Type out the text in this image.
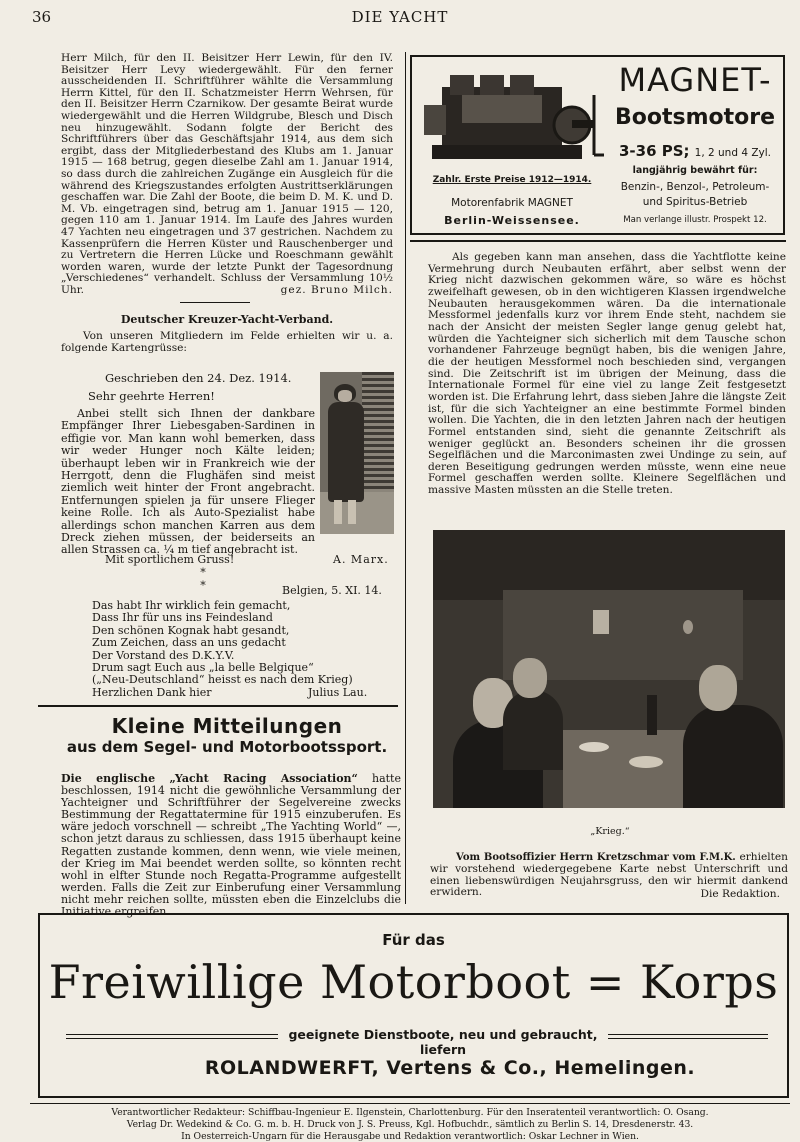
36	DIE YACHT

Herr Milch, für den II. Beisitzer Herr Lewin, für den IV. Beisitzer Herr Levy wiedergewählt. Für den ferner ausscheidenden II. Schriftführer wählte die Versammlung Herrn Kittel, für den II. Schatzmeister Herrn Wehrsen, für den II. Beisitzer Herrn Czarnikow. Der gesamte Beirat wurde wiedergewählt und die Herren Wildgrube, Blesch und Disch neu hinzugewählt. Sodann folgte der Bericht des Schriftführers über das Geschäftsjahr 1914, aus dem sich ergibt, dass der Mitgliederbestand des Klubs am 1. Januar 1915 — 168 betrug, gegen dieselbe Zahl am 1. Januar 1914, so dass durch die zahlreichen Zugänge ein Ausgleich für die während des Kriegszustandes erfolgten Austrittserklärungen geschaffen war. Die Zahl der Boote, die beim D. M. K. und D. M. Vb. eingetragen sind, betrug am 1. Januar 1915 — 120, gegen 110 am 1. Januar 1914. Im Laufe des Jahres wurden 47 Yachten neu eingetragen und 37 gestrichen. Nachdem zu Kassenprüfern die Herren Küster und Rauschenberger und zu Vertretern die Herren Lücke und Roeschmann gewählt worden waren, wurde der letzte Punkt der Tagesordnung „Verschiedenes“ verhandelt. Schluss der Versammlung 10½ Uhr.	gez. Bruno Milch.

Deutscher Kreuzer-Yacht-Verband.
Von unseren Mitgliedern im Felde erhielten wir u. a. folgende Kartengrüsse:
Geschrieben den 24. Dez. 1914.
Sehr geehrte Herren!
Anbei stellt sich Ihnen der dankbare Empfänger Ihrer Liebesgaben-Sardinen in effigie vor. Man kann wohl bemerken, dass wir weder Hunger noch Kälte leiden; überhaupt leben wir in Frankreich wie der Herrgott, denn die Flughäfen sind meist ziemlich weit hinter der Front angebracht. Entfernungen spielen ja für unsere Flieger keine Rolle. Ich als Auto-Spezialist habe allerdings schon manchen Karren aus dem Dreck ziehen müssen, der beiderseits an allen Strassen ca. ¼ m tief angebracht ist.
Mit sportlichem Gruss!	A. Marx.
* *	Belgien, 5. XI. 14.
Das habt Ihr wirklich fein gemacht,
Dass Ihr für uns ins Feindesland
Den schönen Kognak habt gesandt,
Zum Zeichen, dass an uns gedacht
Der Vorstand des D.K.Y.V.
Drum sagt Euch aus „la belle Belgique“
(„Neu-Deutschland“ heisst es nach dem Krieg)
Herzlichen Dank hier	Julius Lau.
Kleine Mitteilungen
aus dem Segel- und Motorbootssport.
Die englische „Yacht Racing Association“ hatte beschlossen, 1914 nicht die gewöhnliche Versammlung der Yachteigner und Schriftführer der Segelvereine zwecks Bestimmung der Regattatermine für 1915 einzuberufen. Es wäre jedoch vorschnell — schreibt „The Yachting World“ —, schon jetzt daraus zu schliessen, dass 1915 überhaupt keine Regatten zustande kommen, denn wenn, wie viele meinen, der Krieg im Mai beendet werden sollte, so könnten recht wohl in elfter Stunde noch Regatta-Programme aufgestellt werden. Falls die Zeit zur Einberufung einer Versammlung nicht mehr reichen sollte, müssten eben die Einzelclubs die Initiative ergreifen.
Zahlr. Erste Preise 1912—1914.
Motorenfabrik MAGNET
Berlin-Weissensee.
MAGNET-
Bootsmotore
3-36 PS; 1, 2 und 4 Zyl.
langjährig bewährt für:
Benzin-, Benzol-, Petroleum-
und Spiritus-Betrieb
Man verlange illustr. Prospekt 12.
Als gegeben kann man ansehen, dass die Yachtflotte keine Vermehrung durch Neubauten erfährt, aber selbst wenn der Krieg nicht dazwischen gekommen wäre, so wäre es höchst zweifelhaft gewesen, ob in den wichtigeren Klassen irgendwelche Neubauten herausgekommen wären. Da die internationale Messformel jedenfalls kurz vor ihrem Ende steht, nachdem sie nach der Ansicht der meisten Segler lange genug gelebt hat, würden die Yachteigner sich sicherlich mit dem Tausche schon vorhandener Fahrzeuge begnügt haben, bis die wenigen Jahre, die der heutigen Messformel noch beschieden sind, vergangen sind. Die Zeitschrift ist im übrigen der Meinung, dass die Internationale Formel für eine viel zu lange Zeit festgesetzt worden ist. Die Erfahrung lehrt, dass sieben Jahre die längste Zeit ist, für die sich Yachteigner an eine bestimmte Formel binden wollen. Die Yachten, die in den letzten Jahren nach der heutigen Formel entstanden sind, sieht die genannte Zeitschrift als weniger geglückt an. Besonders scheinen ihr die grossen Segelflächen und die Marconimasten zwei Undinge zu sein, auf deren Beseitigung gedrungen werden müsste, wenn eine neue Formel geschaffen werden sollte. Kleinere Segelflächen und massive Masten müssten an die Stelle treten.
„Krieg.“
Vom Bootsoffizier Herrn Kretzschmar vom F.M.K. erhielten wir vorstehend wiedergegebene Karte nebst Unterschrift und einen liebenswürdigen Neujahrsgruss, den wir hiermit dankend erwidern.	Die Redaktion.
Für das
Freiwillige Motorboot = Korps
geeignete Dienstboote, neu und gebraucht, liefern
ROLANDWERFT, Vertens & Co., Hemelingen.
Verantwortlicher Redakteur: Schiffbau-Ingenieur E. Ilgenstein, Charlottenburg. Für den Inseratenteil verantwortlich: O. Osang.
Verlag Dr. Wedekind & Co. G. m. b. H. Druck von J. S. Preuss, Kgl. Hofbuchdr., sämtlich zu Berlin S. 14, Dresdenerstr. 43.
In Oesterreich-Ungarn für die Herausgabe und Redaktion verantwortlich: Oskar Lechner in Wien.
